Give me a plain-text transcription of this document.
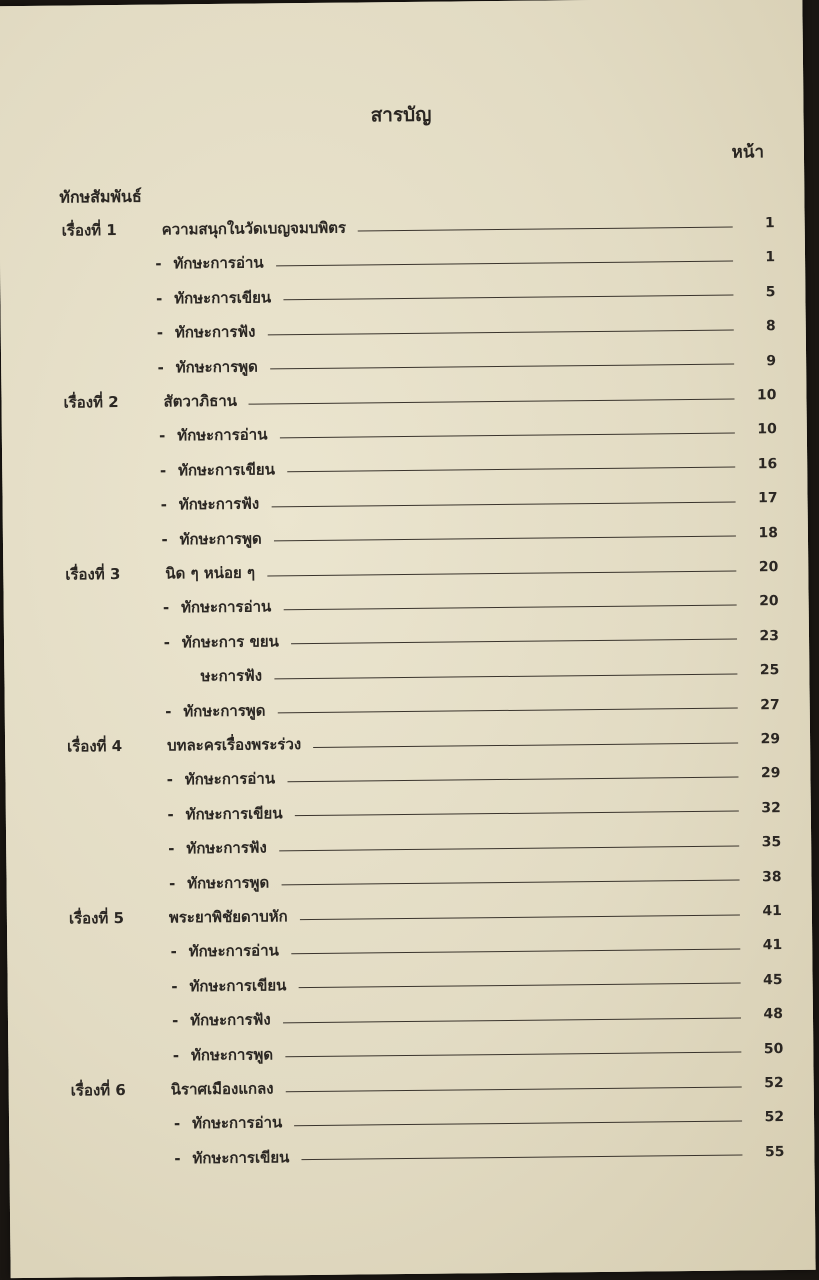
สารบัญ
หน้า
ทักษสัมพันธ์
เรื่องที่ 1	ความสนุกในวัดเบญจมบพิตร	1
- ทักษะการอ่าน	1
- ทักษะการเขียน	5
- ทักษะการฟัง	8
- ทักษะการพูด	9
เรื่องที่ 2	สัตวาภิธาน	10
- ทักษะการอ่าน	10
- ทักษะการเขียน	16
- ทักษะการฟัง	17
- ทักษะการพูด	18
เรื่องที่ 3	นิด ๆ หน่อย ๆ	20
- ทักษะการอ่าน	20
- ทักษะการ ขยน	23
ษะการฟัง	25
- ทักษะการพูด	27
เรื่องที่ 4	บทละครเรื่องพระร่วง	29
- ทักษะการอ่าน	29
- ทักษะการเขียน	32
- ทักษะการฟัง	35
- ทักษะการพูด	38
เรื่องที่ 5	พระยาพิชัยดาบหัก	41
- ทักษะการอ่าน	41
- ทักษะการเขียน	45
- ทักษะการฟัง	48
- ทักษะการพูด	50
เรื่องที่ 6	นิราศเมืองแกลง	52
- ทักษะการอ่าน	52
- ทักษะการเขียน	55
